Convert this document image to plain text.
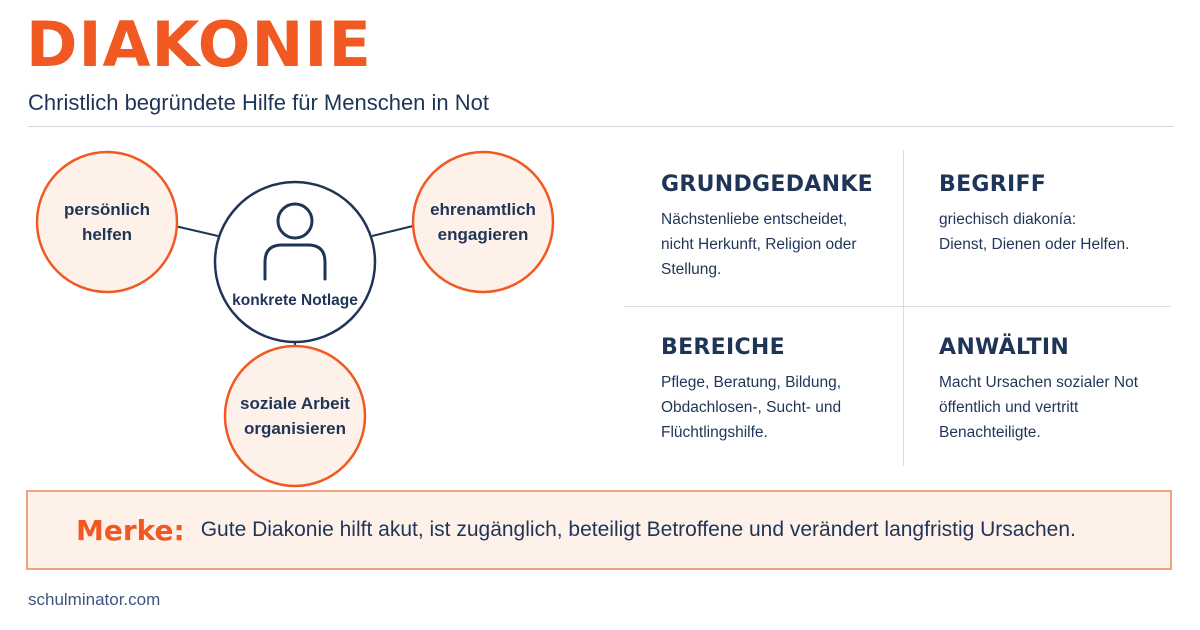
DIAKONIE

Christlich begründete Hilfe für Menschen in Not

konkrete Notlage
persönlich
helfen
ehrenamtlich
engagieren
soziale Arbeit
organisieren
GRUNDGEDANKE
Nächstenliebe entscheidet,
nicht Herkunft, Religion oder
Stellung.
BEGRIFF
griechisch diakonía:
Dienst, Dienen oder Helfen.
BEREICHE
Pflege, Beratung, Bildung,
Obdachlosen-, Sucht- und
Flüchtlingshilfe.
ANWÄLTIN
Macht Ursachen sozialer Not
öffentlich und vertritt
Benachteiligte.
Merke: Gute Diakonie hilft akut, ist zugänglich, beteiligt Betroffene und verändert langfristig Ursachen.
schulminator.com
